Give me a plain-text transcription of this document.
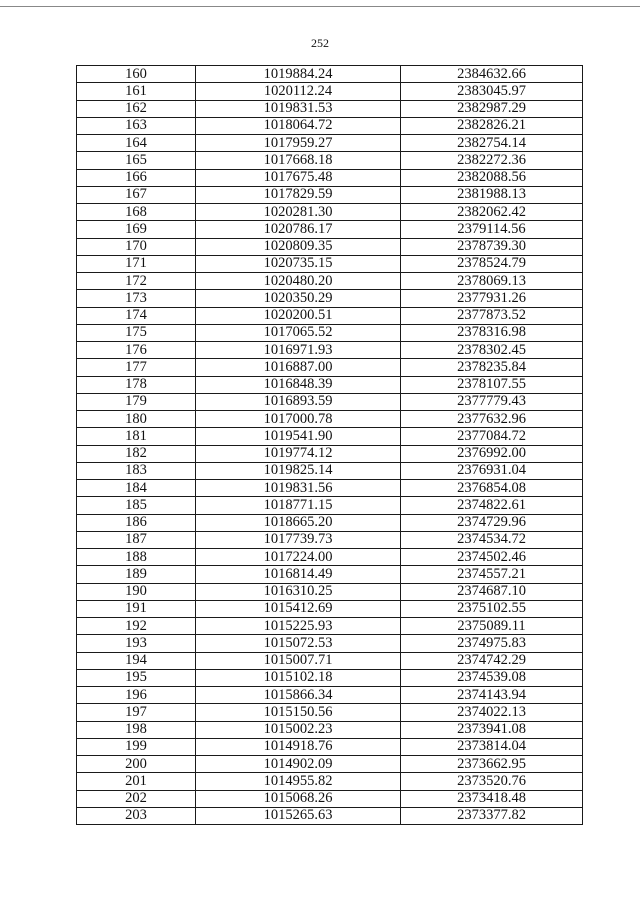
252
160	1019884.24	2384632.66
161	1020112.24	2383045.97
162	1019831.53	2382987.29
163	1018064.72	2382826.21
164	1017959.27	2382754.14
165	1017668.18	2382272.36
166	1017675.48	2382088.56
167	1017829.59	2381988.13
168	1020281.30	2382062.42
169	1020786.17	2379114.56
170	1020809.35	2378739.30
171	1020735.15	2378524.79
172	1020480.20	2378069.13
173	1020350.29	2377931.26
174	1020200.51	2377873.52
175	1017065.52	2378316.98
176	1016971.93	2378302.45
177	1016887.00	2378235.84
178	1016848.39	2378107.55
179	1016893.59	2377779.43
180	1017000.78	2377632.96
181	1019541.90	2377084.72
182	1019774.12	2376992.00
183	1019825.14	2376931.04
184	1019831.56	2376854.08
185	1018771.15	2374822.61
186	1018665.20	2374729.96
187	1017739.73	2374534.72
188	1017224.00	2374502.46
189	1016814.49	2374557.21
190	1016310.25	2374687.10
191	1015412.69	2375102.55
192	1015225.93	2375089.11
193	1015072.53	2374975.83
194	1015007.71	2374742.29
195	1015102.18	2374539.08
196	1015866.34	2374143.94
197	1015150.56	2374022.13
198	1015002.23	2373941.08
199	1014918.76	2373814.04
200	1014902.09	2373662.95
201	1014955.82	2373520.76
202	1015068.26	2373418.48
203	1015265.63	2373377.82
